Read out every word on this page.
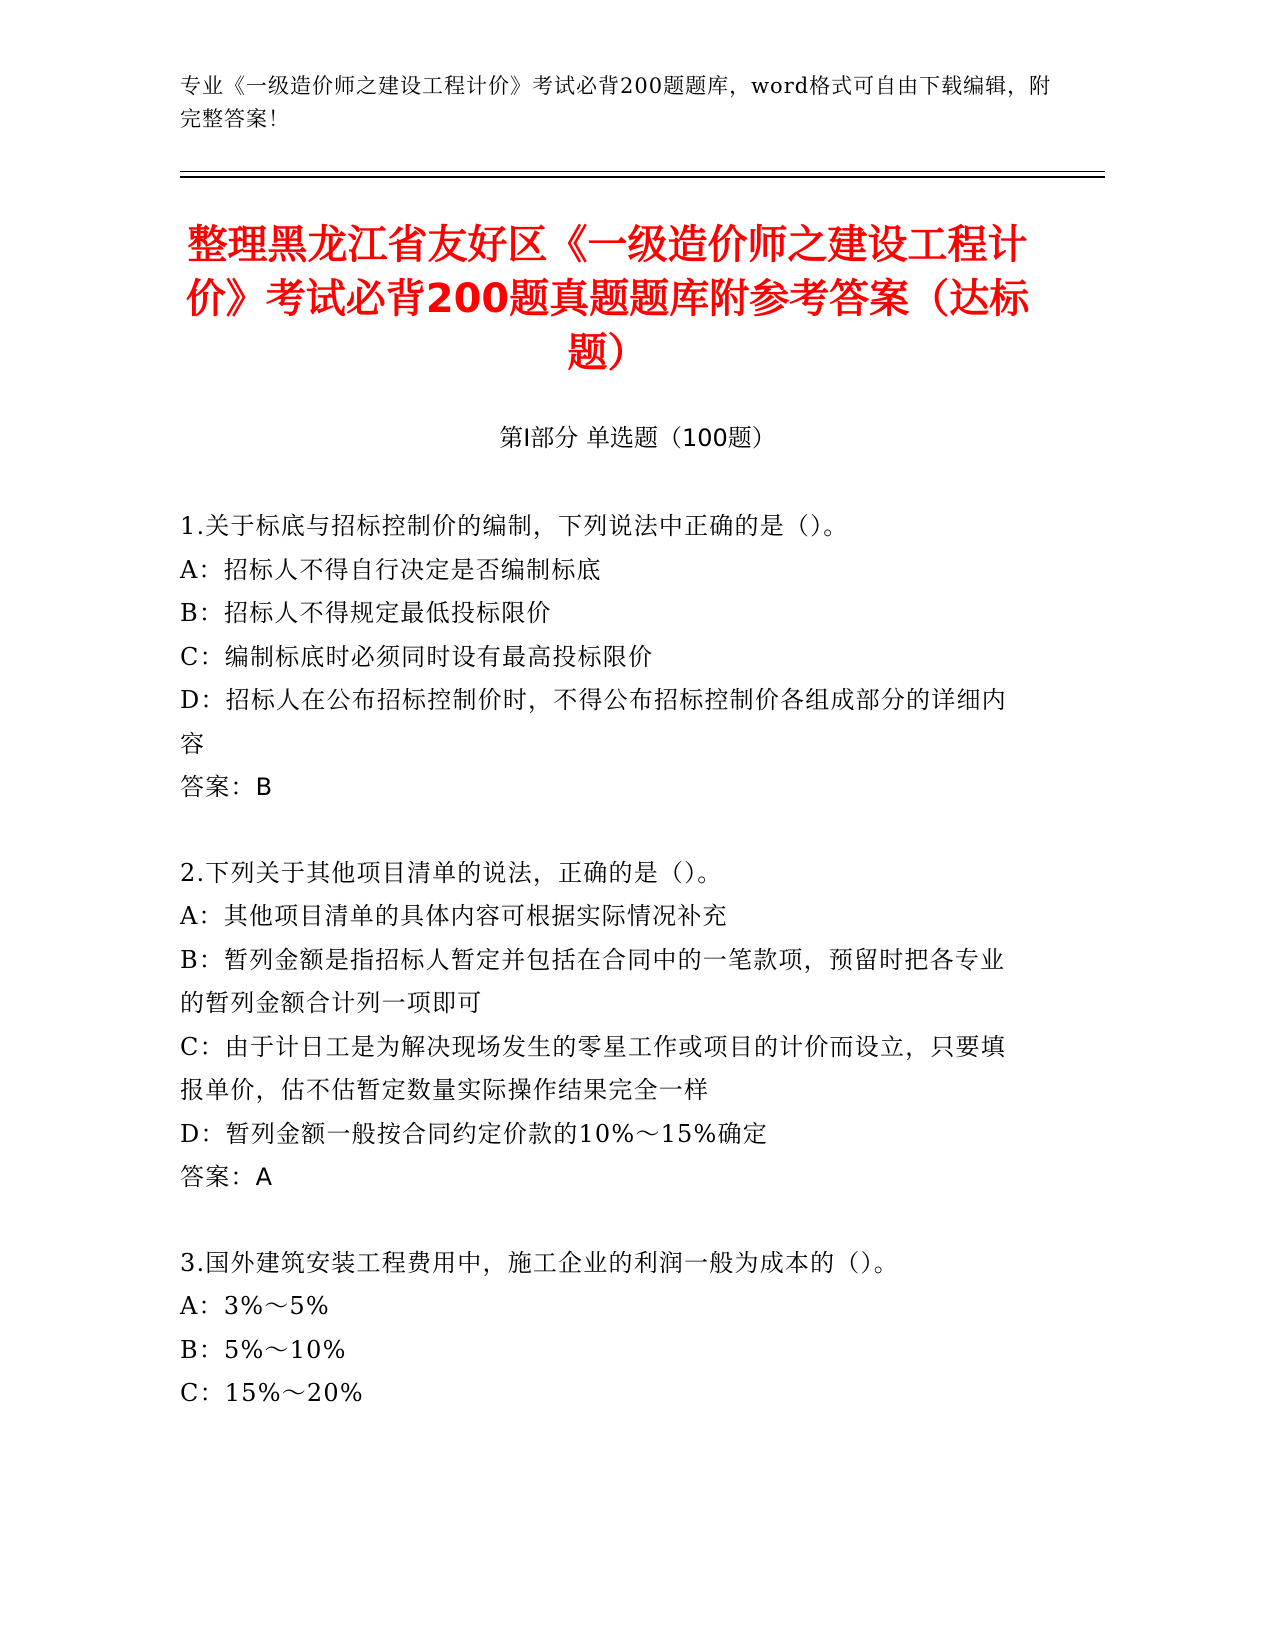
专业《一级造价师之建设工程计价》考试必背200题题库，word格式可自由下载编辑，附完整答案！
整理黑龙江省友好区《一级造价师之建设工程计价》考试必背200题真题题库附参考答案（达标题）
第I部分 单选题（100题）

1.关于标底与招标控制价的编制，下列说法中正确的是（）。

A：招标人不得自行决定是否编制标底

B：招标人不得规定最低投标限价

C：编制标底时必须同时设有最高投标限价

D：招标人在公布招标控制价时，不得公布招标控制价各组成部分的详细内容

答案：B

2.下列关于其他项目清单的说法，正确的是（）。

A：其他项目清单的具体内容可根据实际情况补充

B：暂列金额是指招标人暂定并包括在合同中的一笔款项，预留时把各专业的暂列金额合计列一项即可

C：由于计日工是为解决现场发生的零星工作或项目的计价而设立，只要填报单价，估不估暂定数量实际操作结果完全一样

D：暂列金额一般按合同约定价款的10%～15%确定

答案：A

3.国外建筑安装工程费用中，施工企业的利润一般为成本的（）。

A：3%～5%

B：5%～10%

C：15%～20%
